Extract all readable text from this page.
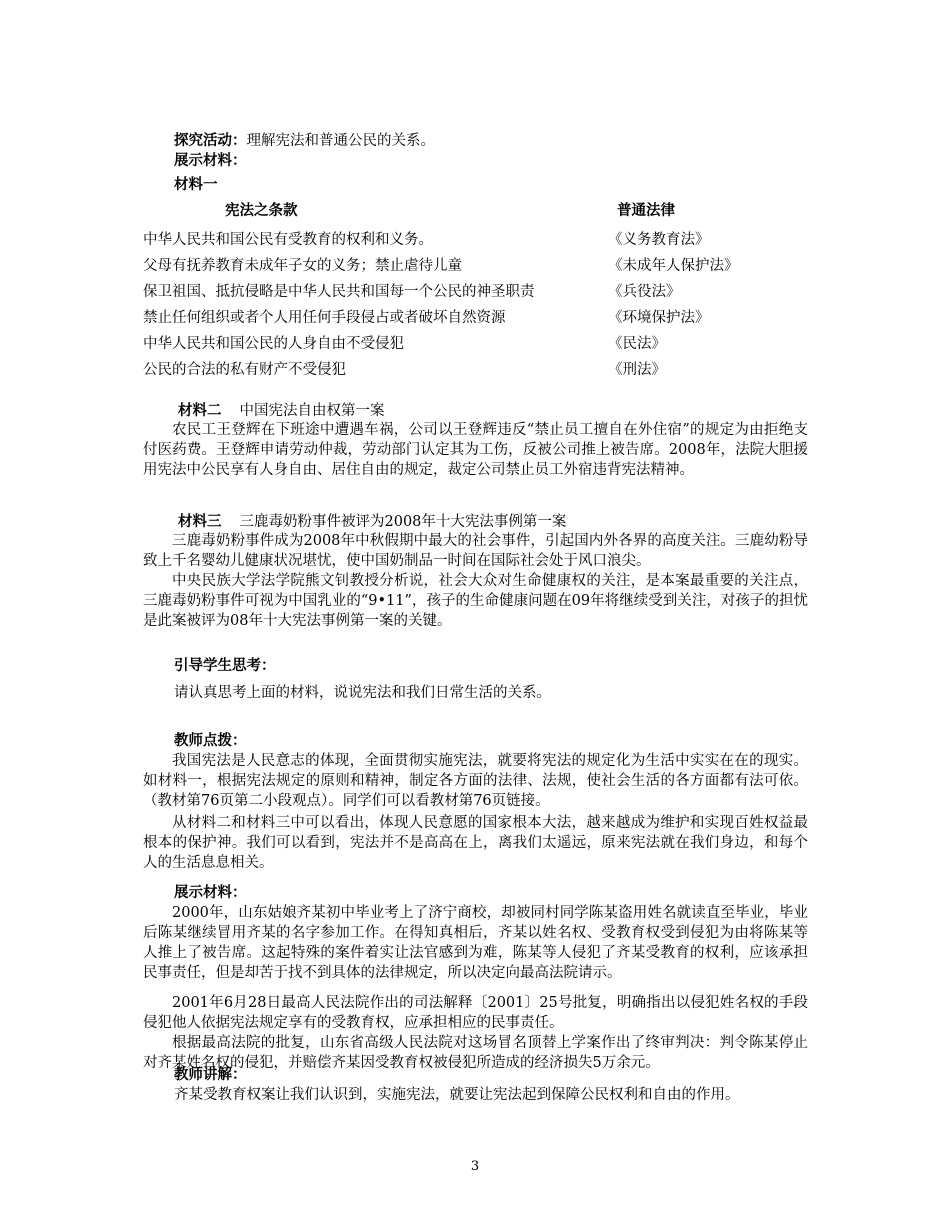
探究活动：理解宪法和普通公民的关系。
展示材料：
材料一
宪法之条款	普通法律
中华人民共和国公民有受教育的权利和义务。	《义务教育法》
父母有抚养教育未成年子女的义务；禁止虐待儿童	《未成年人保护法》
保卫祖国、抵抗侵略是中华人民共和国每一个公民的神圣职责	《兵役法》
禁止任何组织或者个人用任何手段侵占或者破坏自然资源	《环境保护法》
中华人民共和国公民的人身自由不受侵犯	《民法》
公民的合法的私有财产不受侵犯	《刑法》
材料二 中国宪法自由权第一案
农民工王登辉在下班途中遭遇车祸，公司以王登辉违反“禁止员工擅自在外住宿”的规定为由拒绝支付医药费。王登辉申请劳动仲裁，劳动部门认定其为工伤，反被公司推上被告席。2008年，法院大胆援用宪法中公民享有人身自由、居住自由的规定，裁定公司禁止员工外宿违背宪法精神。
材料三 三鹿毒奶粉事件被评为2008年十大宪法事例第一案
三鹿毒奶粉事件成为2008年中秋假期中最大的社会事件，引起国内外各界的高度关注。三鹿幼粉导致上千名婴幼儿健康状况堪忧，使中国奶制品一时间在国际社会处于风口浪尖。
中央民族大学法学院熊文钊教授分析说，社会大众对生命健康权的关注，是本案最重要的关注点，三鹿毒奶粉事件可视为中国乳业的“9•11”，孩子的生命健康问题在09年将继续受到关注，对孩子的担忧是此案被评为08年十大宪法事例第一案的关键。
引导学生思考：
请认真思考上面的材料，说说宪法和我们日常生活的关系。
教师点拨：
我国宪法是人民意志的体现，全面贯彻实施宪法，就要将宪法的规定化为生活中实实在在的现实。如材料一，根据宪法规定的原则和精神，制定各方面的法律、法规，使社会生活的各方面都有法可依。（教材第76页第二小段观点）。同学们可以看教材第76页链接。
从材料二和材料三中可以看出，体现人民意愿的国家根本大法，越来越成为维护和实现百姓权益最根本的保护神。我们可以看到，宪法并不是高高在上，离我们太遥远，原来宪法就在我们身边，和每个人的生活息息相关。
展示材料：
2000年，山东姑娘齐某初中毕业考上了济宁商校，却被同村同学陈某盗用姓名就读直至毕业，毕业后陈某继续冒用齐某的名字参加工作。在得知真相后，齐某以姓名权、受教育权受到侵犯为由将陈某等人推上了被告席。这起特殊的案件着实让法官感到为难，陈某等人侵犯了齐某受教育的权利，应该承担民事责任，但是却苦于找不到具体的法律规定，所以决定向最高法院请示。
2001年6月28日最高人民法院作出的司法解释〔2001〕25号批复，明确指出以侵犯姓名权的手段侵犯他人依据宪法规定享有的受教育权，应承担相应的民事责任。
根据最高法院的批复，山东省高级人民法院对这场冒名顶替上学案作出了终审判决：判令陈某停止对齐某姓名权的侵犯，并赔偿齐某因受教育权被侵犯所造成的经济损失5万余元。
教师讲解：
齐某受教育权案让我们认识到，实施宪法，就要让宪法起到保障公民权利和自由的作用。
3
